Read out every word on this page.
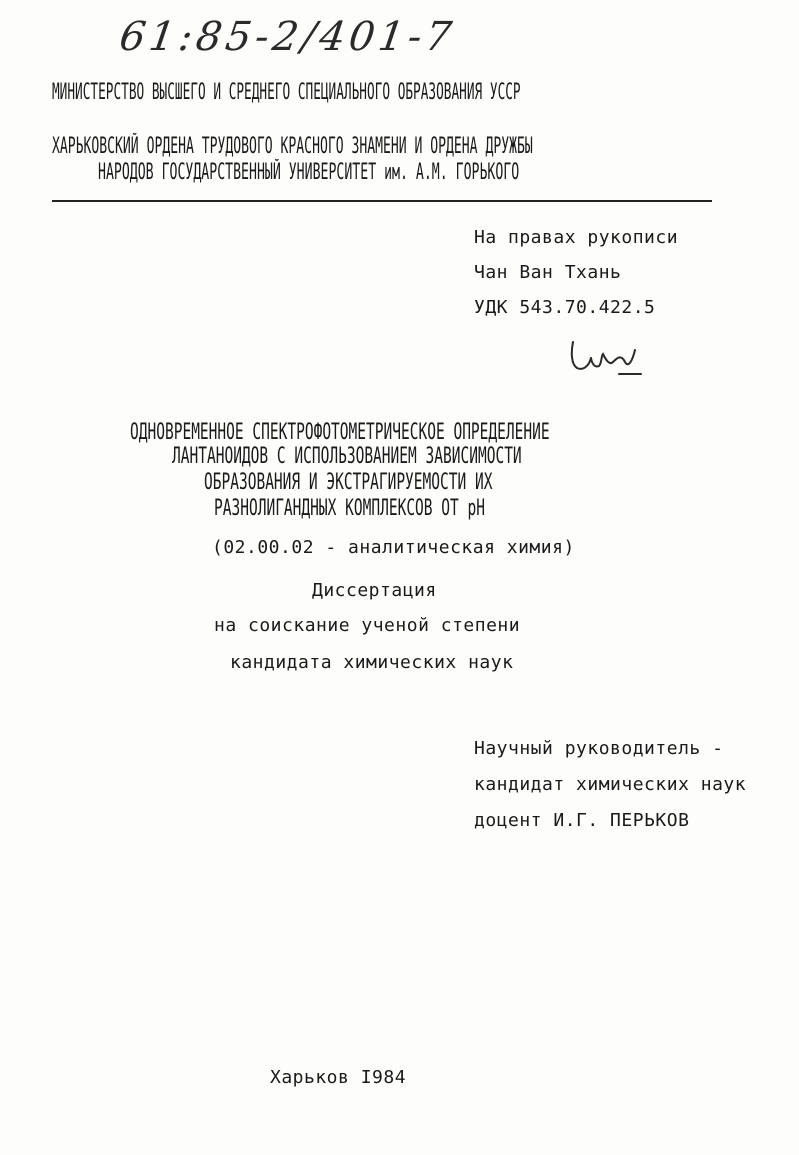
61:85-2/401-7
МИНИСТЕРСТВО ВЫСШЕГО И СРЕДНЕГО СПЕЦИАЛЬНОГО ОБРАЗОВАНИЯ УССР
ХАРЬКОВСКИЙ ОРДЕНА ТРУДОВОГО КРАСНОГО ЗНАМЕНИ И ОРДЕНА ДРУЖБЫ
НАРОДОВ ГОСУДАРСТВЕННЫЙ УНИВЕРСИТЕТ им. А.М. ГОРЬКОГО
На правах рукописи
Чан Ван Тхань
УДК 543.70.422.5
ОДНОВРЕМЕННОЕ СПЕКТРОФОТОМЕТРИЧЕСКОЕ ОПРЕДЕЛЕНИЕ
ЛАНТАНОИДОВ С ИСПОЛЬЗОВАНИЕМ ЗАВИСИМОСТИ
ОБРАЗОВАНИЯ И ЭКСТРАГИРУЕМОСТИ ИХ
РАЗНОЛИГАНДНЫХ КОМПЛЕКСОВ ОТ рН
(02.00.02 - аналитическая химия)
Диссертация
на соискание ученой степени
кандидата химических наук
Научный руководитель -
кандидат химических наук
доцент И.Г. ПЕРЬКОВ
Харьков I984
